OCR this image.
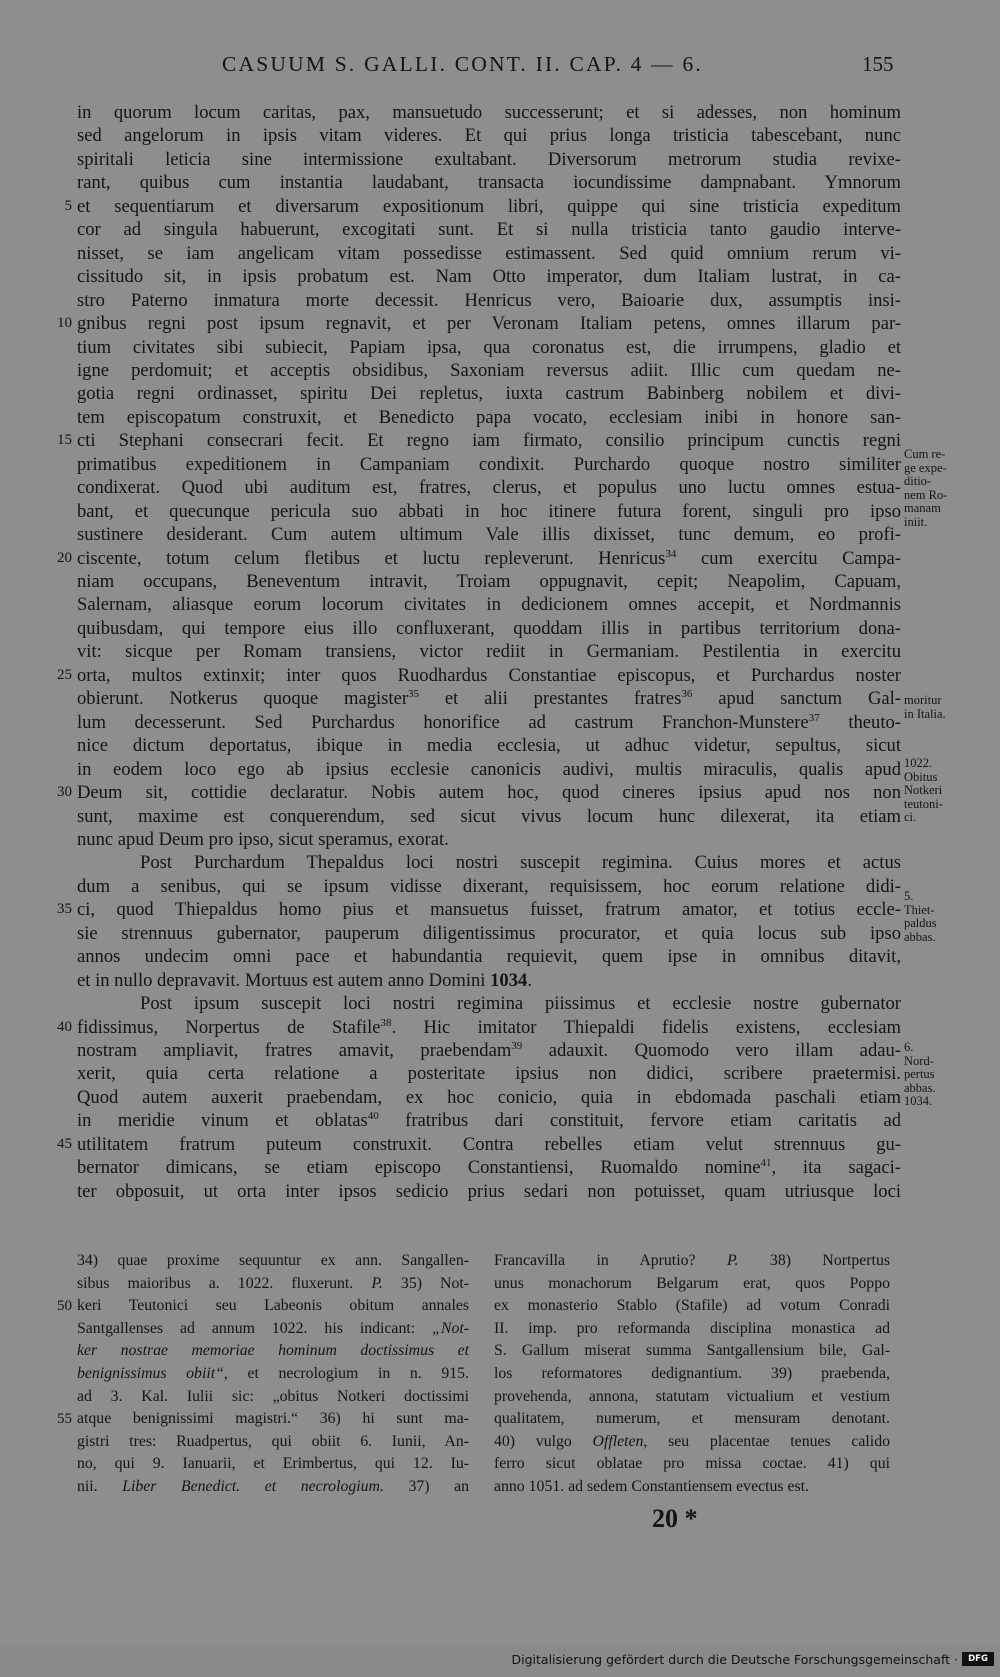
CASUUM S. GALLI. CONT. II. CAP. 4 — 6.	155
in quorum locum caritas, pax, mansuetudo successerunt; et si adesses, non hominum
sed angelorum in ipsis vitam videres. Et qui prius longa tristicia tabescebant, nunc
spiritali leticia sine intermissione exultabant. Diversorum metrorum studia revixe-
rant, quibus cum instantia laudabant, transacta iocundissime dampnabant. Ymnorum
et sequentiarum et diversarum expositionum libri, quippe qui sine tristicia expeditum
5
cor ad singula habuerunt, excogitati sunt. Et si nulla tristicia tanto gaudio interve-
nisset, se iam angelicam vitam possedisse estimassent. Sed quid omnium rerum vi-
cissitudo sit, in ipsis probatum est. Nam Otto imperator, dum Italiam lustrat, in ca-
stro Paterno inmatura morte decessit. Henricus vero, Baioarie dux, assumptis insi-
gnibus regni post ipsum regnavit, et per Veronam Italiam petens, omnes illarum par-
10
tium civitates sibi subiecit, Papiam ipsa, qua coronatus est, die irrumpens, gladio et
igne perdomuit; et acceptis obsidibus, Saxoniam reversus adiit. Illic cum quedam ne-
gotia regni ordinasset, spiritu Dei repletus, iuxta castrum Babinberg nobilem et divi-
tem episcopatum construxit, et Benedicto papa vocato, ecclesiam inibi in honore san-
cti Stephani consecrari fecit. Et regno iam firmato, consilio principum cunctis regni
15
primatibus expeditionem in Campaniam condixit. Purchardo quoque nostro similiter
condixerat. Quod ubi auditum est, fratres, clerus, et populus uno luctu omnes estua-
bant, et quecunque pericula suo abbati in hoc itinere futura forent, singuli pro ipso
sustinere desiderant. Cum autem ultimum Vale illis dixisset, tunc demum, eo profi-
ciscente, totum celum fletibus et luctu repleverunt. Henricus$^{34}$ cum exercitu Campa-
20
niam occupans, Beneventum intravit, Troiam oppugnavit, cepit; Neapolim, Capuam,
Salernam, aliasque eorum locorum civitates in dedicionem omnes accepit, et Nordmannis
quibusdam, qui tempore eius illo confluxerant, quoddam illis in partibus territorium dona-
vit: sicque per Romam transiens, victor rediit in Germaniam. Pestilentia in exercitu
orta, multos extinxit; inter quos Ruodhardus Constantiae episcopus, et Purchardus noster
25
obierunt. Notkerus quoque magister$^{35}$ et alii prestantes fratres$^{36}$ apud sanctum Gal-
lum decesserunt. Sed Purchardus honorifice ad castrum Franchon-Munstere$^{37}$ theuto-
nice dictum deportatus, ibique in media ecclesia, ut adhuc videtur, sepultus, sicut
in eodem loco ego ab ipsius ecclesie canonicis audivi, multis miraculis, qualis apud
Deum sit, cottidie declaratur. Nobis autem hoc, quod cineres ipsius apud nos non
30
sunt, maxime est conquerendum, sed sicut vivus locum hunc dilexerat, ita etiam
nunc apud Deum pro ipso, sicut speramus, exorat.
Post Purchardum Thepaldus loci nostri suscepit regimina. Cuius mores et actus
dum a senibus, qui se ipsum vidisse dixerant, requisissem, hoc eorum relatione didi-
ci, quod Thiepaldus homo pius et mansuetus fuisset, fratrum amator, et totius eccle-
35
sie strennuus gubernator, pauperum diligentissimus procurator, et quia locus sub ipso
annos undecim omni pace et habundantia requievit, quem ipse in omnibus ditavit,
et in nullo depravavit. Mortuus est autem anno Domini 1034.
Post ipsum suscepit loci nostri regimina piissimus et ecclesie nostre gubernator
fidissimus, Norpertus de Stafile$^{38}$. Hic imitator Thiepaldi fidelis existens, ecclesiam
40
nostram ampliavit, fratres amavit, praebendam$^{39}$ adauxit. Quomodo vero illam adau-
xerit, quia certa relatione a posteritate ipsius non didici, scribere praetermisi.
Quod autem auxerit praebendam, ex hoc conicio, quia in ebdomada paschali etiam
in meridie vinum et oblatas$^{40}$ fratribus dari constituit, fervore etiam caritatis ad
utilitatem fratrum puteum construxit. Contra rebelles etiam velut strennuus gu-
45
bernator dimicans, se etiam episcopo Constantiensi, Ruomaldo nomine$^{41}$, ita sagaci-
ter obposuit, ut orta inter ipsos sedicio prius sedari non potuisset, quam utriusque loci
Cum re-
ge expe-
ditio-
nem Ro-
manam
iniit.
moritur
in Italia.
1022.
Obitus
Notkeri
teutoni-
ci.
5.
Thiet-
paldus
abbas.
6.
Nord-
pertus
abbas.
1034.
34) quae proxime sequuntur ex ann. Sangallen-
sibus maioribus a. 1022. fluxerunt. P. 35) Not-
keri Teutonici seu Labeonis obitum annales
50
Santgallenses ad annum 1022. his indicant: „Not-
ker nostrae memoriae hominum doctissimus et
benignissimus obiit“, et necrologium in n. 915.
ad 3. Kal. Iulii sic: „obitus Notkeri doctissimi
atque benignissimi magistri.“ 36) hi sunt ma-
55
gistri tres: Ruadpertus, qui obiit 6. Iunii, An-
no, qui 9. Ianuarii, et Erimbertus, qui 12. Iu-
nii. Liber Benedict. et necrologium. 37) an
Francavilla in Aprutio? P. 38) Nortpertus
unus monachorum Belgarum erat, quos Poppo
ex monasterio Stablo (Stafile) ad votum Conradi
II. imp. pro reformanda disciplina monastica ad
S. Gallum miserat summa Santgallensium bile, Gal-
los reformatores dedignantium. 39) praebenda,
provehenda, annona, statutam victualium et vestium
qualitatem, numerum, et mensuram denotant.
40) vulgo Offleten, seu placentae tenues calido
ferro sicut oblatae pro missa coctae. 41) qui
anno 1051. ad sedem Constantiensem evectus est.
20 *
Digitalisierung gefördert durch die Deutsche Forschungsgemeinschaft ·	DFG
